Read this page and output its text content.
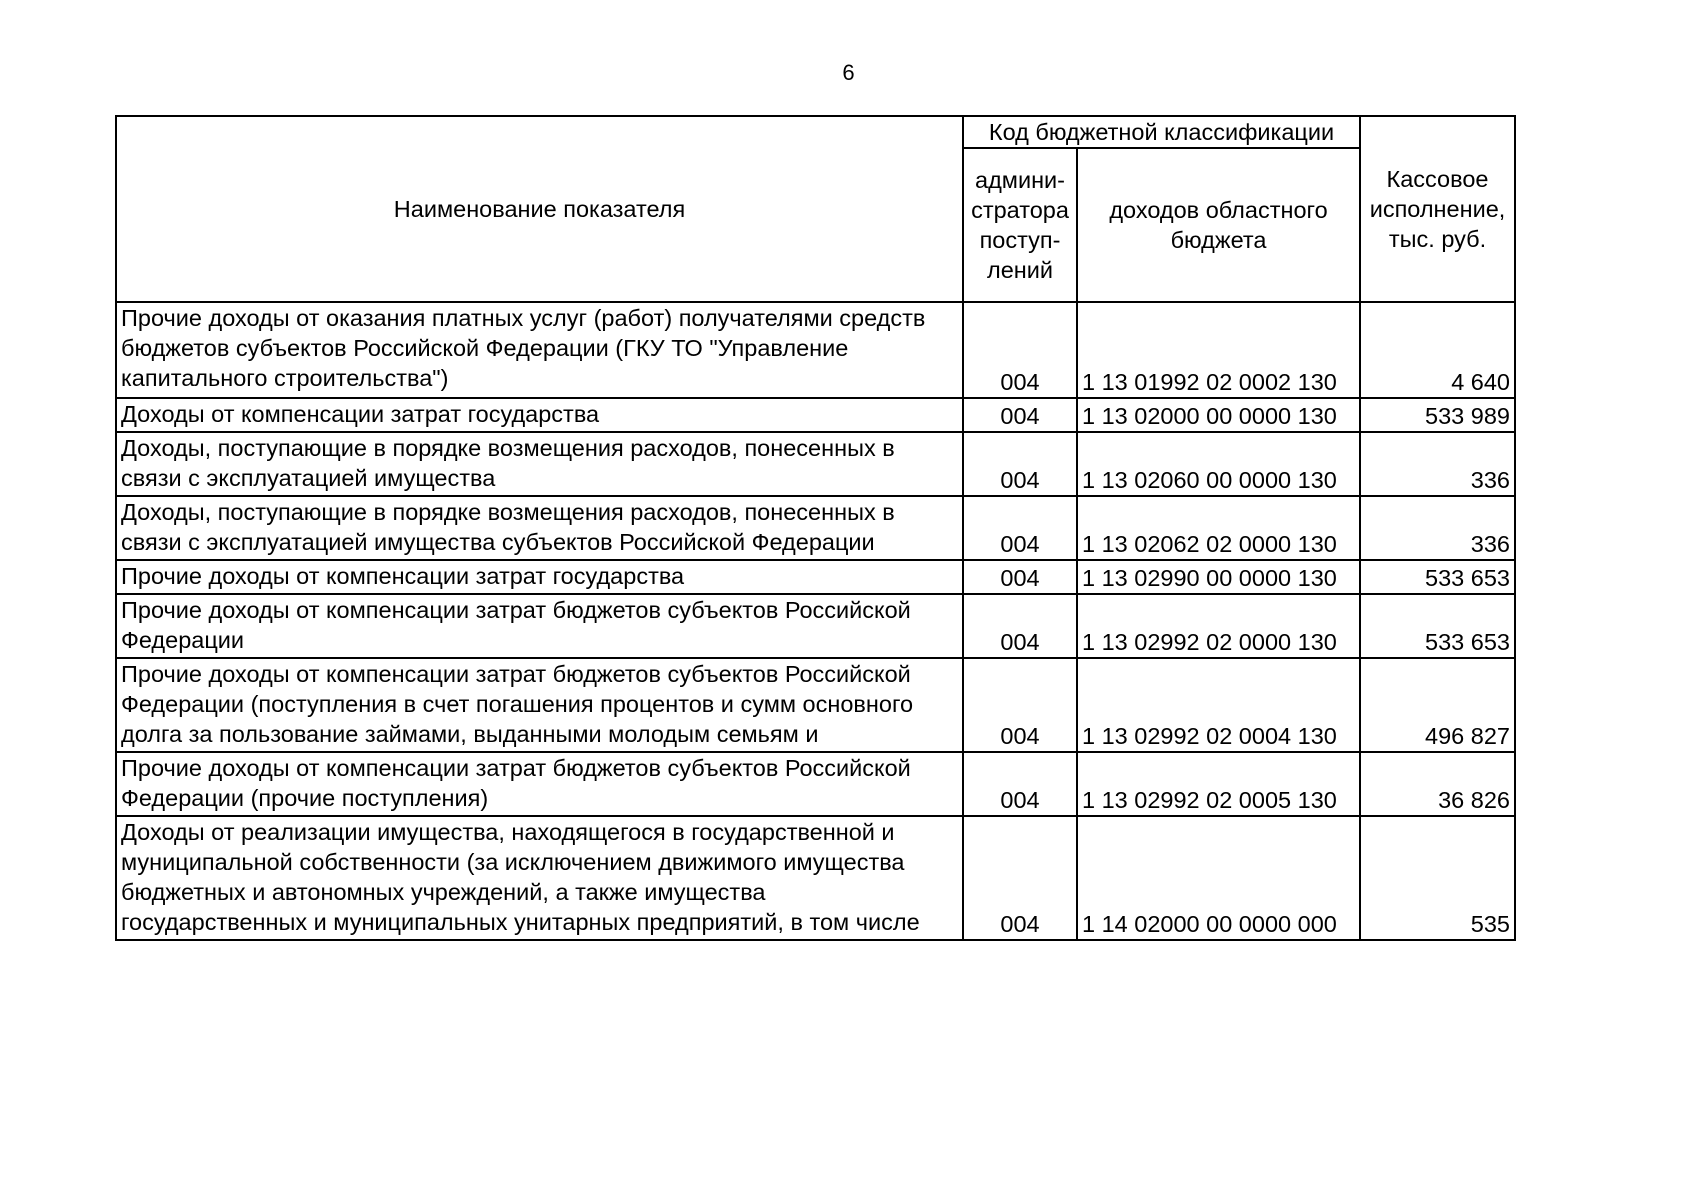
6
Наименование показателя	Код бюджетной классификации		Кассовое исполнение, тыс. руб.
	админи-стратора поступ-лений	доходов областного бюджета	
Прочие доходы от оказания платных услуг (работ) получателями средств бюджетов субъектов Российской Федерации (ГКУ ТО "Управление капитального строительства")	004	1 13 01992 02 0002 130	4 640
Доходы от компенсации затрат государства	004	1 13 02000 00 0000 130	533 989
Доходы, поступающие в порядке возмещения расходов, понесенных в связи с эксплуатацией имущества	004	1 13 02060 00 0000 130	336
Доходы, поступающие в порядке возмещения расходов, понесенных в связи с эксплуатацией имущества субъектов Российской Федерации	004	1 13 02062 02 0000 130	336
Прочие доходы от компенсации затрат государства	004	1 13 02990 00 0000 130	533 653
Прочие доходы от компенсации затрат бюджетов субъектов Российской Федерации	004	1 13 02992 02 0000 130	533 653
Прочие доходы от компенсации затрат бюджетов субъектов Российской Федерации (поступления в счет погашения процентов и сумм основного долга за пользование займами, выданными молодым семьям и	004	1 13 02992 02 0004 130	496 827
Прочие доходы от компенсации затрат бюджетов субъектов Российской Федерации (прочие поступления)	004	1 13 02992 02 0005 130	36 826
Доходы от реализации имущества, находящегося в государственной и муниципальной собственности (за исключением движимого имущества бюджетных и автономных учреждений, а также имущества государственных и муниципальных унитарных предприятий, в том числе	004	1 14 02000 00 0000 000	535
